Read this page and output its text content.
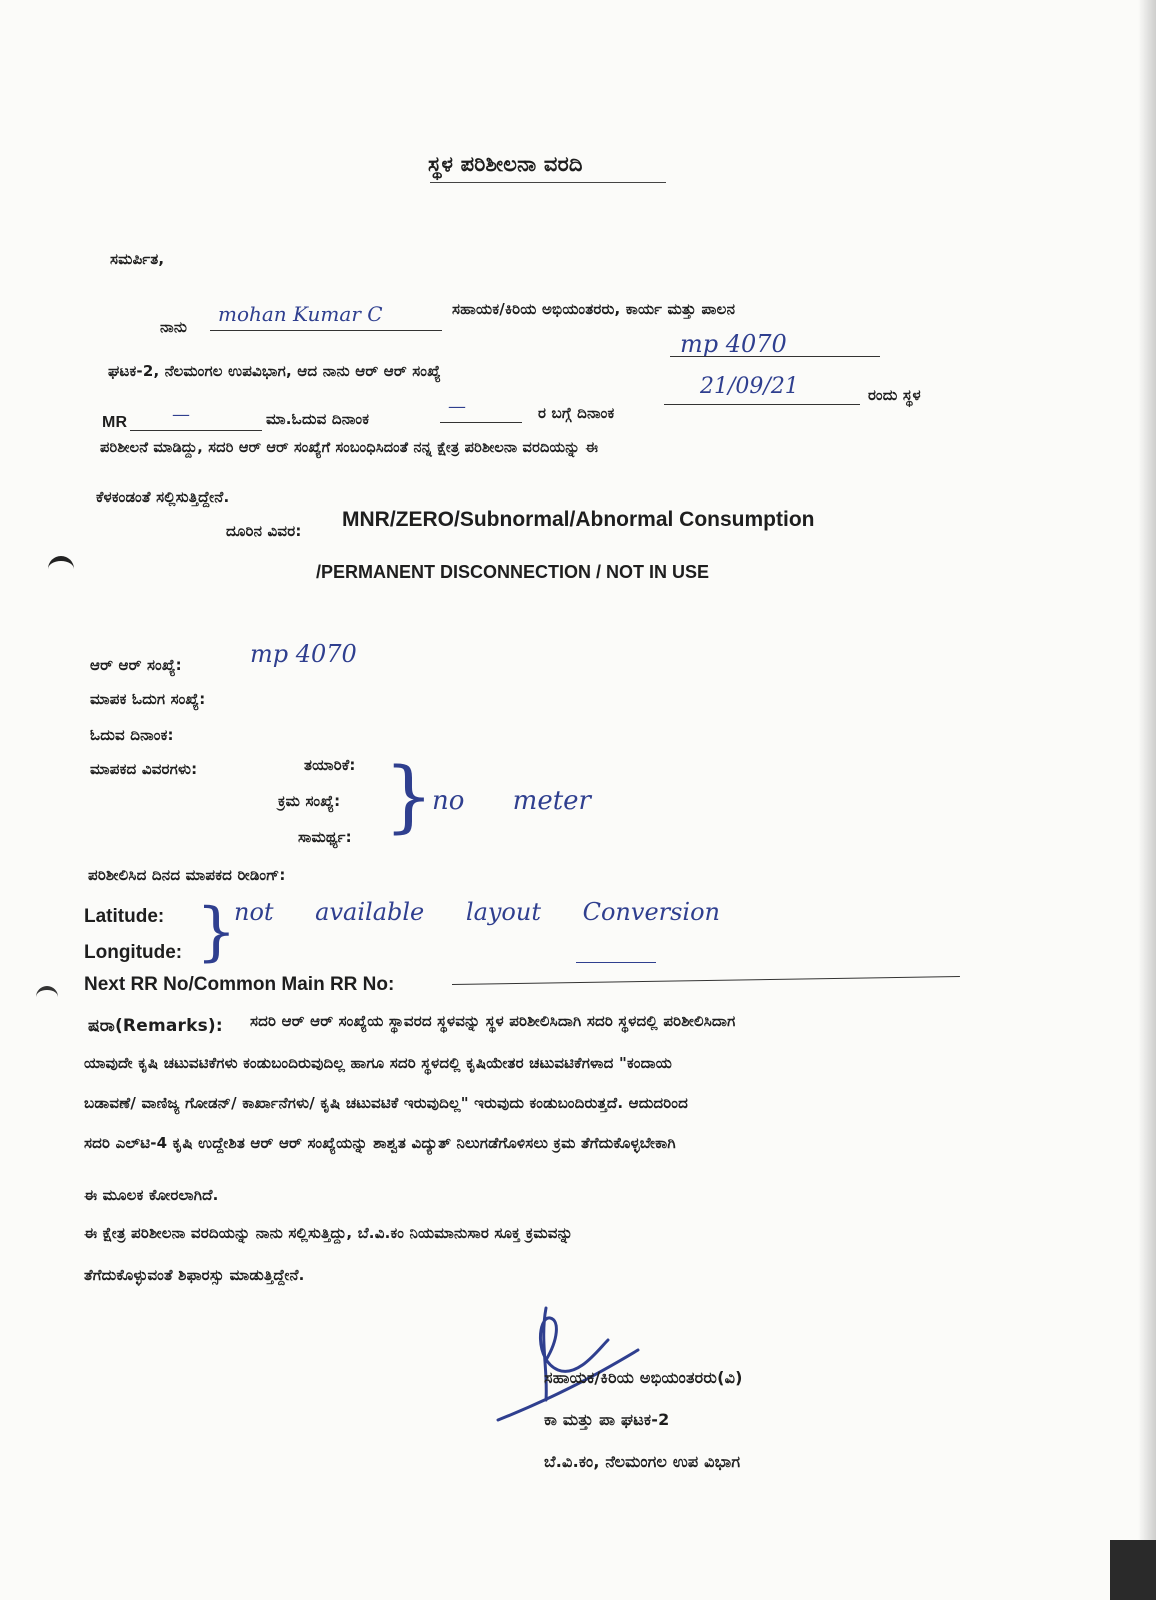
ಸ್ಥಳ ಪರಿಶೀಲನಾ ವರದಿ
ಸಮರ್ಪಿತ,
ನಾನು
mohan Kumar C	ಸಹಾಯಕ/ಕಿರಿಯ ಅಭಿಯಂತರರು, ಕಾರ್ಯ ಮತ್ತು ಪಾಲನ
ಘಟಕ-2, ನೆಲಮಂಗಲ ಉಪವಿಭಾಗ, ಆದ ನಾನು ಆರ್ ಆರ್ ಸಂಖ್ಯೆ
mp 4070
MR —	ಮಾ.ಓದುವ ದಿನಾಂಕ
—	ರ ಬಗ್ಗೆ ದಿನಾಂಕ
21/09/21	ರಂದು ಸ್ಥಳ
ಪರಿಶೀಲನೆ ಮಾಡಿದ್ದು, ಸದರಿ ಆರ್ ಆರ್ ಸಂಖ್ಯೆಗೆ ಸಂಬಂಧಿಸಿದಂತೆ ನನ್ನ ಕ್ಷೇತ್ರ ಪರಿಶೀಲನಾ ವರದಿಯನ್ನು ಈ
ಕೆಳಕಂಡಂತೆ ಸಲ್ಲಿಸುತ್ತಿದ್ದೇನೆ.
ದೂರಿನ ವಿವರ: MNR/ZERO/Subnormal/Abnormal Consumption
/PERMANENT DISCONNECTION / NOT IN USE
ಆರ್ ಆರ್ ಸಂಖ್ಯೆ:	mp 4070
ಮಾಪಕ ಓದುಗ ಸಂಖ್ಯೆ:
ಓದುವ ದಿನಾಂಕ:
ಮಾಪಕದ ವಿವರಗಳು:	ತಯಾರಿಕೆ:
ಕ್ರಮ ಸಂಖ್ಯೆ:
ಸಾಮರ್ಥ್ಯ: }
no meter
ಪರಿಶೀಲಿಸಿದ ದಿನದ ಮಾಪಕದ ರೀಡಿಂಗ್:
Latitude:
Longitude: }
not available layout Conversion
Next RR No/Common Main RR No:
ಷರಾ(Remarks): ಸದರಿ ಆರ್ ಆರ್ ಸಂಖ್ಯೆಯ ಸ್ಥಾವರದ ಸ್ಥಳವನ್ನು ಸ್ಥಳ ಪರಿಶೀಲಿಸಿದಾಗಿ ಸದರಿ ಸ್ಥಳದಲ್ಲಿ ಪರಿಶೀಲಿಸಿದಾಗ
ಯಾವುದೇ ಕೃಷಿ ಚಟುವಟಿಕೆಗಳು ಕಂಡುಬಂದಿರುವುದಿಲ್ಲ ಹಾಗೂ ಸದರಿ ಸ್ಥಳದಲ್ಲಿ ಕೃಷಿಯೇತರ ಚಟುವಟಿಕೆಗಳಾದ "ಕಂದಾಯ
ಬಡಾವಣೆ/ ವಾಣಿಜ್ಯ ಗೋಡನ್/ ಕಾರ್ಖಾನೆಗಳು/ ಕೃಷಿ ಚಟುವಟಿಕೆ ಇರುವುದಿಲ್ಲ" ಇರುವುದು ಕಂಡುಬಂದಿರುತ್ತದೆ. ಆದುದರಿಂದ
ಸದರಿ ಎಲ್‌ಟಿ-4 ಕೃಷಿ ಉದ್ದೇಶಿತ ಆರ್ ಆರ್ ಸಂಖ್ಯೆಯನ್ನು ಶಾಶ್ವತ ವಿದ್ಯುತ್ ನಿಲುಗಡೆಗೊಳಿಸಲು ಕ್ರಮ ತೆಗೆದುಕೊಳ್ಳಬೇಕಾಗಿ
ಈ ಮೂಲಕ ಕೋರಲಾಗಿದೆ.
ಈ ಕ್ಷೇತ್ರ ಪರಿಶೀಲನಾ ವರದಿಯನ್ನು ನಾನು ಸಲ್ಲಿಸುತ್ತಿದ್ದು, ಬೆ.ವಿ.ಕಂ ನಿಯಮಾನುಸಾರ ಸೂಕ್ತ ಕ್ರಮವನ್ನು
ತೆಗೆದುಕೊಳ್ಳುವಂತೆ ಶಿಫಾರಸ್ಸು ಮಾಡುತ್ತಿದ್ದೇನೆ.
ಸಹಾಯಕ/ಕಿರಿಯ ಅಭಿಯಂತರರು(ವಿ)
ಕಾ ಮತ್ತು ಪಾ ಘಟಕ-2
ಬೆ.ವಿ.ಕಂ, ನೆಲಮಂಗಲ ಉಪ ವಿಭಾಗ
